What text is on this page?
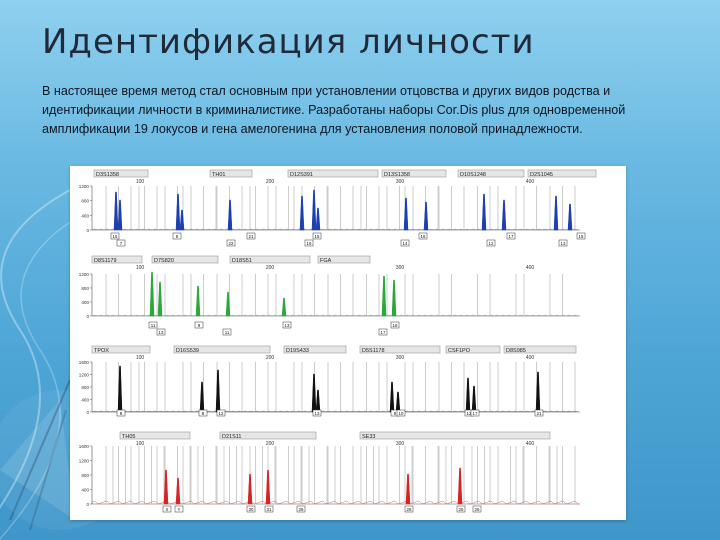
Идентификация личности

В настоящее время метод стал основным при установлении отцовства и других видов родства и идентификации личности в криминалистике. Разработаны наборы Cor.Dis plus для одновременной амплификации 19 локусов и гена амелогенина для установления половой принадлежности.

D3S1358	TH01	D12S391	D13S1358	D10S1248	D2S1045
100	200	300	400
1200
800
400
0
15
7
9
22
21
19
15
14
16
12
17
13
15
D8S1179	D7S820	D18S51	FGA
100	200	300	400
1200
800
400
0
11
13
9
11
13
17
18
TPOX	D16S539	D19S433	D5S1178	CSF1PO	D8S985
100	200	300	400
1600
1200
800
400
0	8	8	12	13	9 10	12 17	21
TH05	D21S11	SE33
100	200	300	400
1600
1200
800
400
0
X Y	30	31	28	29	25	26
